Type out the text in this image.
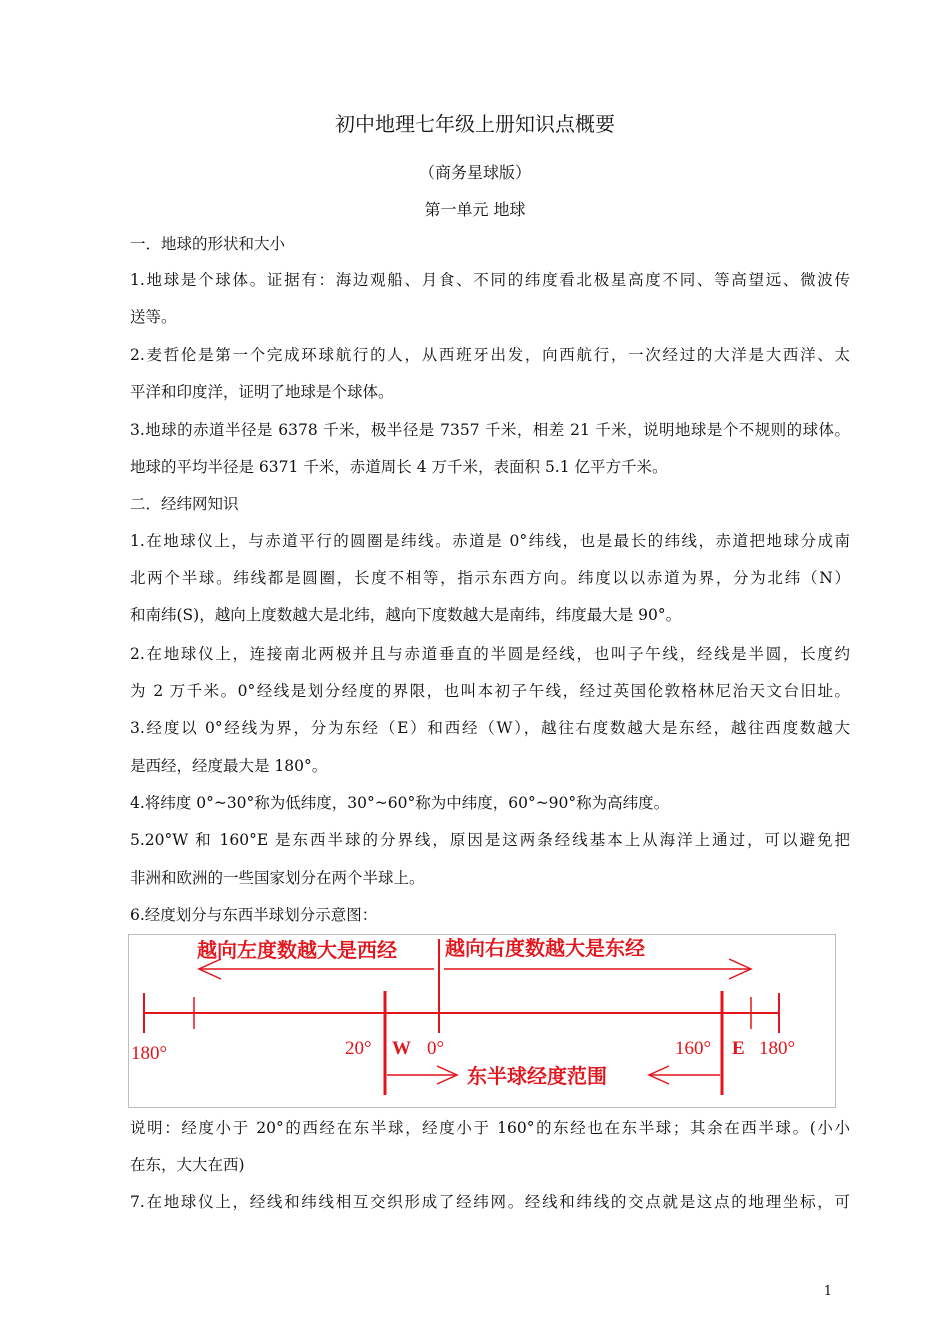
初中地理七年级上册知识点概要
（商务星球版）
第一单元 地球
一．地球的形状和大小
1.地球是个球体。证据有：海边观船、月食、不同的纬度看北极星高度不同、等高望远、微波传
送等。
2.麦哲伦是第一个完成环球航行的人，从西班牙出发，向西航行，一次经过的大洋是大西洋、太
平洋和印度洋，证明了地球是个球体。
3.地球的赤道半径是 6378 千米，极半径是 7357 千米，相差 21 千米，说明地球是个不规则的球体。
地球的平均半径是 6371 千米，赤道周长 4 万千米，表面积 5.1 亿平方千米。
二．经纬网知识
1.在地球仪上，与赤道平行的圆圈是纬线。赤道是 0°纬线，也是最长的纬线，赤道把地球分成南
北两个半球。纬线都是圆圈，长度不相等，指示东西方向。纬度以以赤道为界，分为北纬（N）
和南纬(S)，越向上度数越大是北纬，越向下度数越大是南纬，纬度最大是 90°。
2.在地球仪上，连接南北两极并且与赤道垂直的半圆是经线，也叫子午线，经线是半圆，长度约
为 2 万千米。0°经线是划分经度的界限，也叫本初子午线，经过英国伦敦格林尼治天文台旧址。
3.经度以 0°经线为界，分为东经（E）和西经（W），越往右度数越大是东经，越往西度数越大
是西经，经度最大是 180°。
4.将纬度 0°~30°称为低纬度，30°~60°称为中纬度，60°~90°称为高纬度。
5.20°W 和 160°E 是东西半球的分界线，原因是这两条经线基本上从海洋上通过，可以避免把
非洲和欧洲的一些国家划分在两个半球上。
6.经度划分与东西半球划分示意图：
越向左度数越大是西经 越向右度数越大是东经
东半球经度范围
180°	20° W 0°	160° E 180°
说明：经度小于 20°的西经在东半球，经度小于 160°的东经也在东半球；其余在西半球。(小小
在东，大大在西)
7.在地球仪上，经线和纬线相互交织形成了经纬网。经线和纬线的交点就是这点的地理坐标，可
1
